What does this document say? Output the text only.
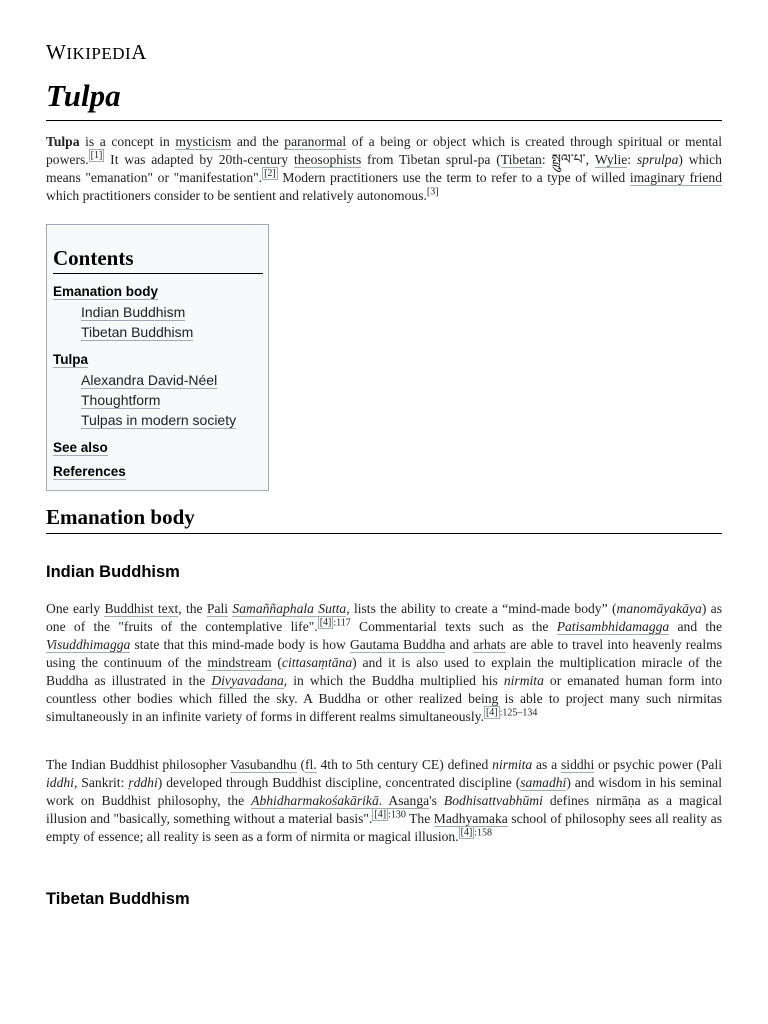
WIKIPEDIA
Tulpa

Tulpa is a concept in mysticism and the paranormal of a being or object which is created through spiritual or mental powers. [1] It was adapted by 20th-century theosophists from Tibetan sprul-pa (Tibetan: སྤྲུལ་པ་, Wylie: sprulpa) which means "emanation" or "manifestation". [2] Modern practitioners use the term to refer to a type of willed imaginary friend which practitioners consider to be sentient and relatively autonomous.[3]

Contents
Emanation body
Indian Buddhism
Tibetan Buddhism
Tulpa
Alexandra David-Néel
Thoughtform
Tulpas in modern society
See also
References
Emanation body
Indian Buddhism

One early Buddhist text, the Pali Samaññaphala Sutta, lists the ability to create a “mind-made body” (manomāyakāya) as one of the "fruits of the contemplative life". $^{[4] :117}$ Commentarial texts such as the Patisambhidamagga and the Visuddhimagga state that this mind-made body is how Gautama Buddha and arhats are able to travel into heavenly realms using the continuum of the mindstream (cittasaṃtāna) and it is also used to explain the multiplication miracle of the Buddha as illustrated in the Divyavadana, in which the Buddha multiplied his nirmita or emanated human form into countless other bodies which filled the sky. A Buddha or other realized being is able to project many such nirmitas simultaneously in an infinite variety of forms in different realms simultaneously. $^{[4] :125-134}$

The Indian Buddhist philosopher Vasubandhu (fl. 4th to 5th century CE) defined nirmita as a siddhi or psychic power (Pali iddhi, Sankrit: ṛddhi) developed through Buddhist discipline, concentrated discipline (samadhi) and wisdom in his seminal work on Buddhist philosophy, the Abhidharmakośakārikā. Asanga's Bodhisattvabhūmi defines nirmāṇa as a magical illusion and "basically, something without a material basis". $^{[4] :130}$ The Madhyamaka school of philosophy sees all reality as empty of essence; all reality is seen as a form of nirmita or magical illusion. $^{[4] :158}$

Tibetan Buddhism
